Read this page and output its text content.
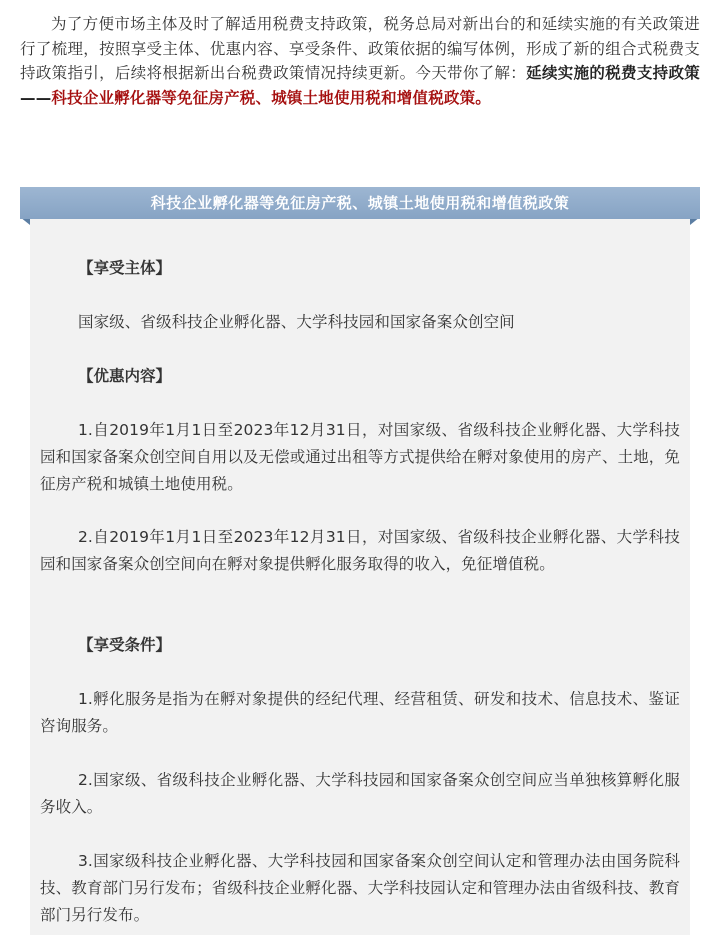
为了方便市场主体及时了解适用税费支持政策，税务总局对新出台的和延续实施的有关政策进行了梳理，按照享受主体、优惠内容、享受条件、政策依据的编写体例，形成了新的组合式税费支持政策指引，后续将根据新出台税费政策情况持续更新。今天带你了解：延续实施的税费支持政策——科技企业孵化器等免征房产税、城镇土地使用税和增值税政策。
科技企业孵化器等免征房产税、城镇土地使用税和增值税政策
【享受主体】
国家级、省级科技企业孵化器、大学科技园和国家备案众创空间
【优惠内容】
1.自2019年1月1日至2023年12月31日，对国家级、省级科技企业孵化器、大学科技园和国家备案众创空间自用以及无偿或通过出租等方式提供给在孵对象使用的房产、土地，免征房产税和城镇土地使用税。
2.自2019年1月1日至2023年12月31日，对国家级、省级科技企业孵化器、大学科技园和国家备案众创空间向在孵对象提供孵化服务取得的收入，免征增值税。
【享受条件】
1.孵化服务是指为在孵对象提供的经纪代理、经营租赁、研发和技术、信息技术、鉴证咨询服务。
2.国家级、省级科技企业孵化器、大学科技园和国家备案众创空间应当单独核算孵化服务收入。
3.国家级科技企业孵化器、大学科技园和国家备案众创空间认定和管理办法由国务院科技、教育部门另行发布；省级科技企业孵化器、大学科技园认定和管理办法由省级科技、教育部门另行发布。
